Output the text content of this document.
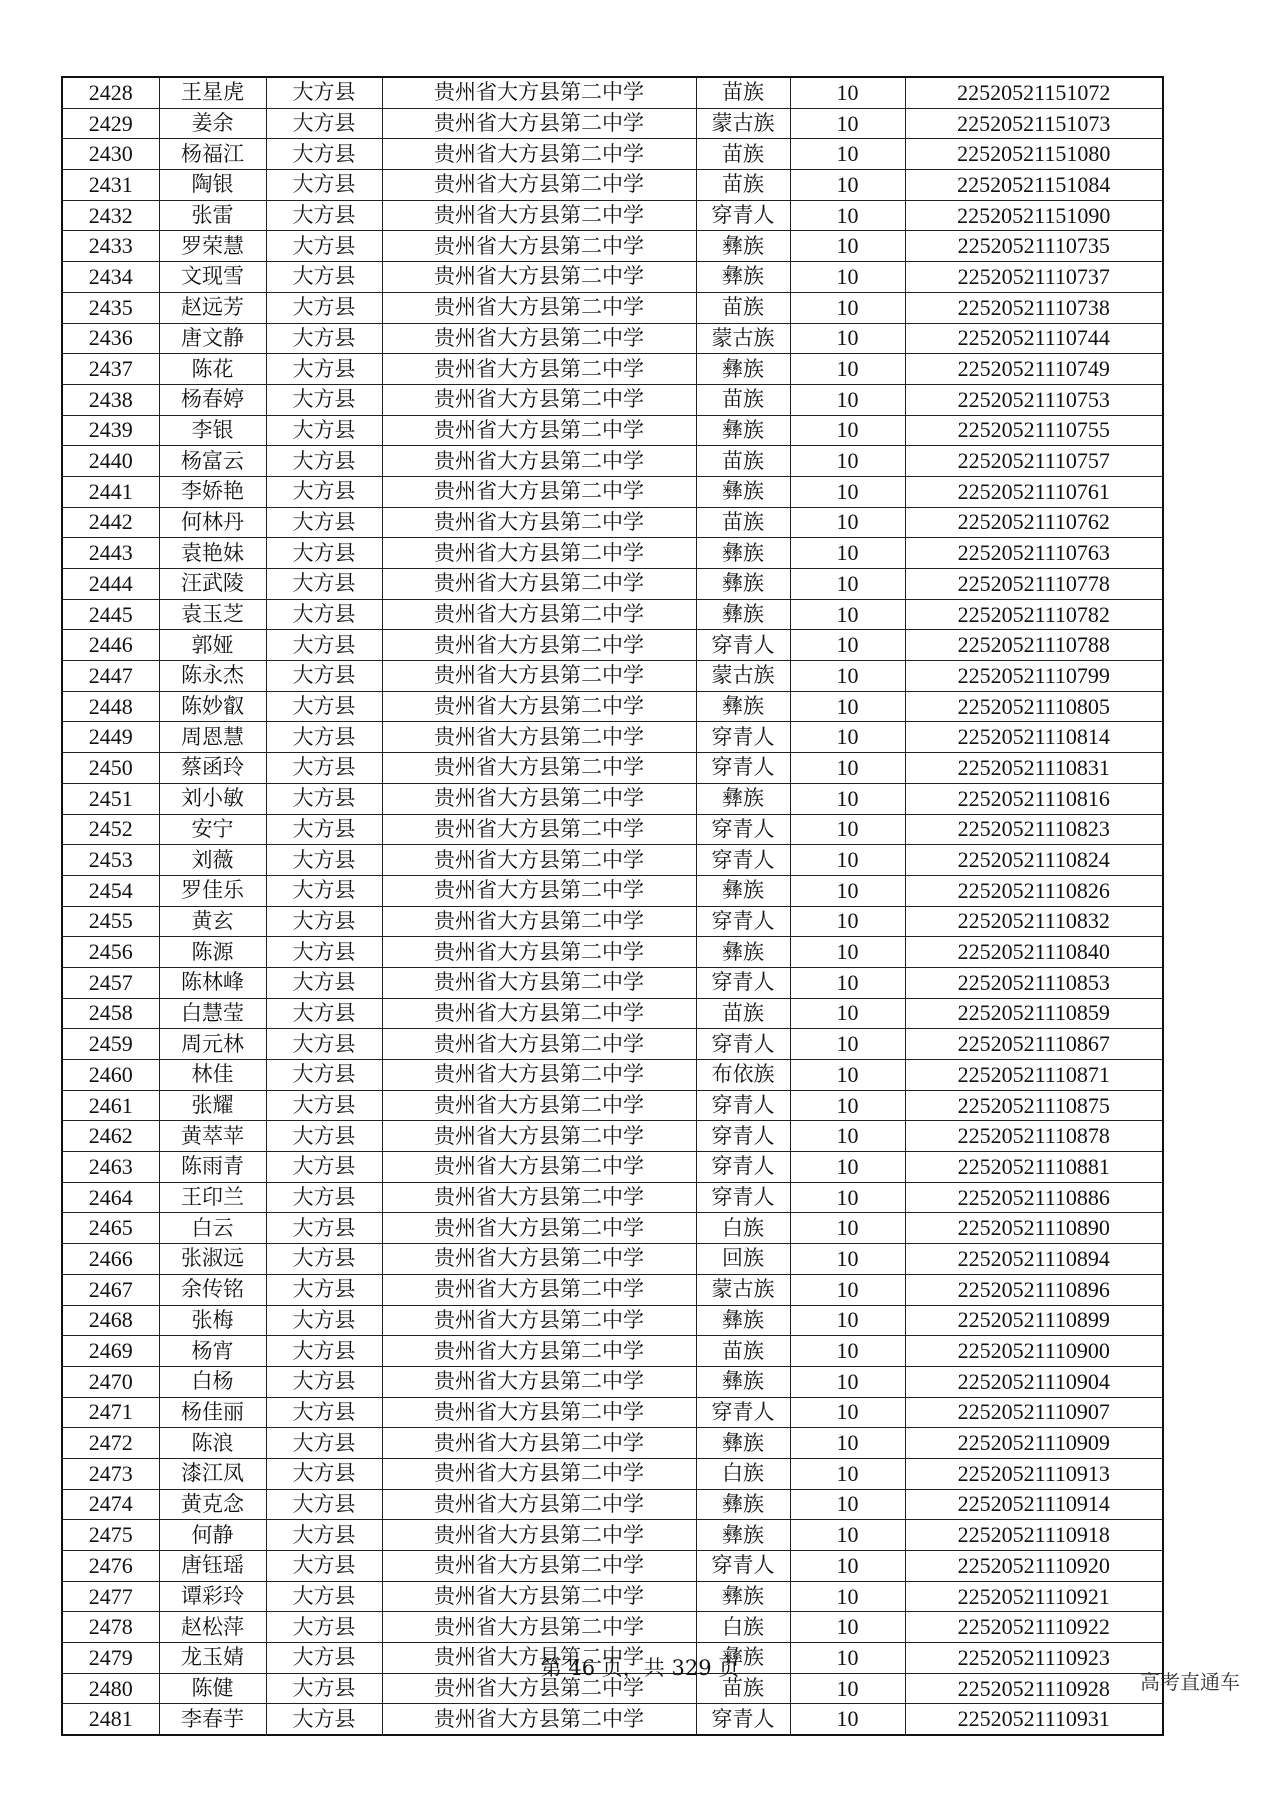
2428	王星虎	大方县	贵州省大方县第二中学	苗族	10	22520521151072
2429	姜余	大方县	贵州省大方县第二中学	蒙古族	10	22520521151073
2430	杨福江	大方县	贵州省大方县第二中学	苗族	10	22520521151080
2431	陶银	大方县	贵州省大方县第二中学	苗族	10	22520521151084
2432	张雷	大方县	贵州省大方县第二中学	穿青人	10	22520521151090
2433	罗荣慧	大方县	贵州省大方县第二中学	彝族	10	22520521110735
2434	文现雪	大方县	贵州省大方县第二中学	彝族	10	22520521110737
2435	赵远芳	大方县	贵州省大方县第二中学	苗族	10	22520521110738
2436	唐文静	大方县	贵州省大方县第二中学	蒙古族	10	22520521110744
2437	陈花	大方县	贵州省大方县第二中学	彝族	10	22520521110749
2438	杨春婷	大方县	贵州省大方县第二中学	苗族	10	22520521110753
2439	李银	大方县	贵州省大方县第二中学	彝族	10	22520521110755
2440	杨富云	大方县	贵州省大方县第二中学	苗族	10	22520521110757
2441	李娇艳	大方县	贵州省大方县第二中学	彝族	10	22520521110761
2442	何林丹	大方县	贵州省大方县第二中学	苗族	10	22520521110762
2443	袁艳妹	大方县	贵州省大方县第二中学	彝族	10	22520521110763
2444	汪武陵	大方县	贵州省大方县第二中学	彝族	10	22520521110778
2445	袁玉芝	大方县	贵州省大方县第二中学	彝族	10	22520521110782
2446	郭娅	大方县	贵州省大方县第二中学	穿青人	10	22520521110788
2447	陈永杰	大方县	贵州省大方县第二中学	蒙古族	10	22520521110799
2448	陈妙叡	大方县	贵州省大方县第二中学	彝族	10	22520521110805
2449	周恩慧	大方县	贵州省大方县第二中学	穿青人	10	22520521110814
2450	蔡函玲	大方县	贵州省大方县第二中学	穿青人	10	22520521110831
2451	刘小敏	大方县	贵州省大方县第二中学	彝族	10	22520521110816
2452	安宁	大方县	贵州省大方县第二中学	穿青人	10	22520521110823
2453	刘薇	大方县	贵州省大方县第二中学	穿青人	10	22520521110824
2454	罗佳乐	大方县	贵州省大方县第二中学	彝族	10	22520521110826
2455	黄玄	大方县	贵州省大方县第二中学	穿青人	10	22520521110832
2456	陈源	大方县	贵州省大方县第二中学	彝族	10	22520521110840
2457	陈林峰	大方县	贵州省大方县第二中学	穿青人	10	22520521110853
2458	白慧莹	大方县	贵州省大方县第二中学	苗族	10	22520521110859
2459	周元林	大方县	贵州省大方县第二中学	穿青人	10	22520521110867
2460	林佳	大方县	贵州省大方县第二中学	布依族	10	22520521110871
2461	张耀	大方县	贵州省大方县第二中学	穿青人	10	22520521110875
2462	黄萃苹	大方县	贵州省大方县第二中学	穿青人	10	22520521110878
2463	陈雨青	大方县	贵州省大方县第二中学	穿青人	10	22520521110881
2464	王印兰	大方县	贵州省大方县第二中学	穿青人	10	22520521110886
2465	白云	大方县	贵州省大方县第二中学	白族	10	22520521110890
2466	张淑远	大方县	贵州省大方县第二中学	回族	10	22520521110894
2467	余传铭	大方县	贵州省大方县第二中学	蒙古族	10	22520521110896
2468	张梅	大方县	贵州省大方县第二中学	彝族	10	22520521110899
2469	杨宵	大方县	贵州省大方县第二中学	苗族	10	22520521110900
2470	白杨	大方县	贵州省大方县第二中学	彝族	10	22520521110904
2471	杨佳丽	大方县	贵州省大方县第二中学	穿青人	10	22520521110907
2472	陈浪	大方县	贵州省大方县第二中学	彝族	10	22520521110909
2473	漆江凤	大方县	贵州省大方县第二中学	白族	10	22520521110913
2474	黄克念	大方县	贵州省大方县第二中学	彝族	10	22520521110914
2475	何静	大方县	贵州省大方县第二中学	彝族	10	22520521110918
2476	唐钰瑶	大方县	贵州省大方县第二中学	穿青人	10	22520521110920
2477	谭彩玲	大方县	贵州省大方县第二中学	彝族	10	22520521110921
2478	赵松萍	大方县	贵州省大方县第二中学	白族	10	22520521110922
2479	龙玉婧	大方县	贵州省大方县第二中学	彝族	10	22520521110923
2480	陈健	大方县	贵州省大方县第二中学	苗族	10	22520521110928
2481	李春芋	大方县	贵州省大方县第二中学	穿青人	10	22520521110931
第 46 页，共 329 页
高考直通车
